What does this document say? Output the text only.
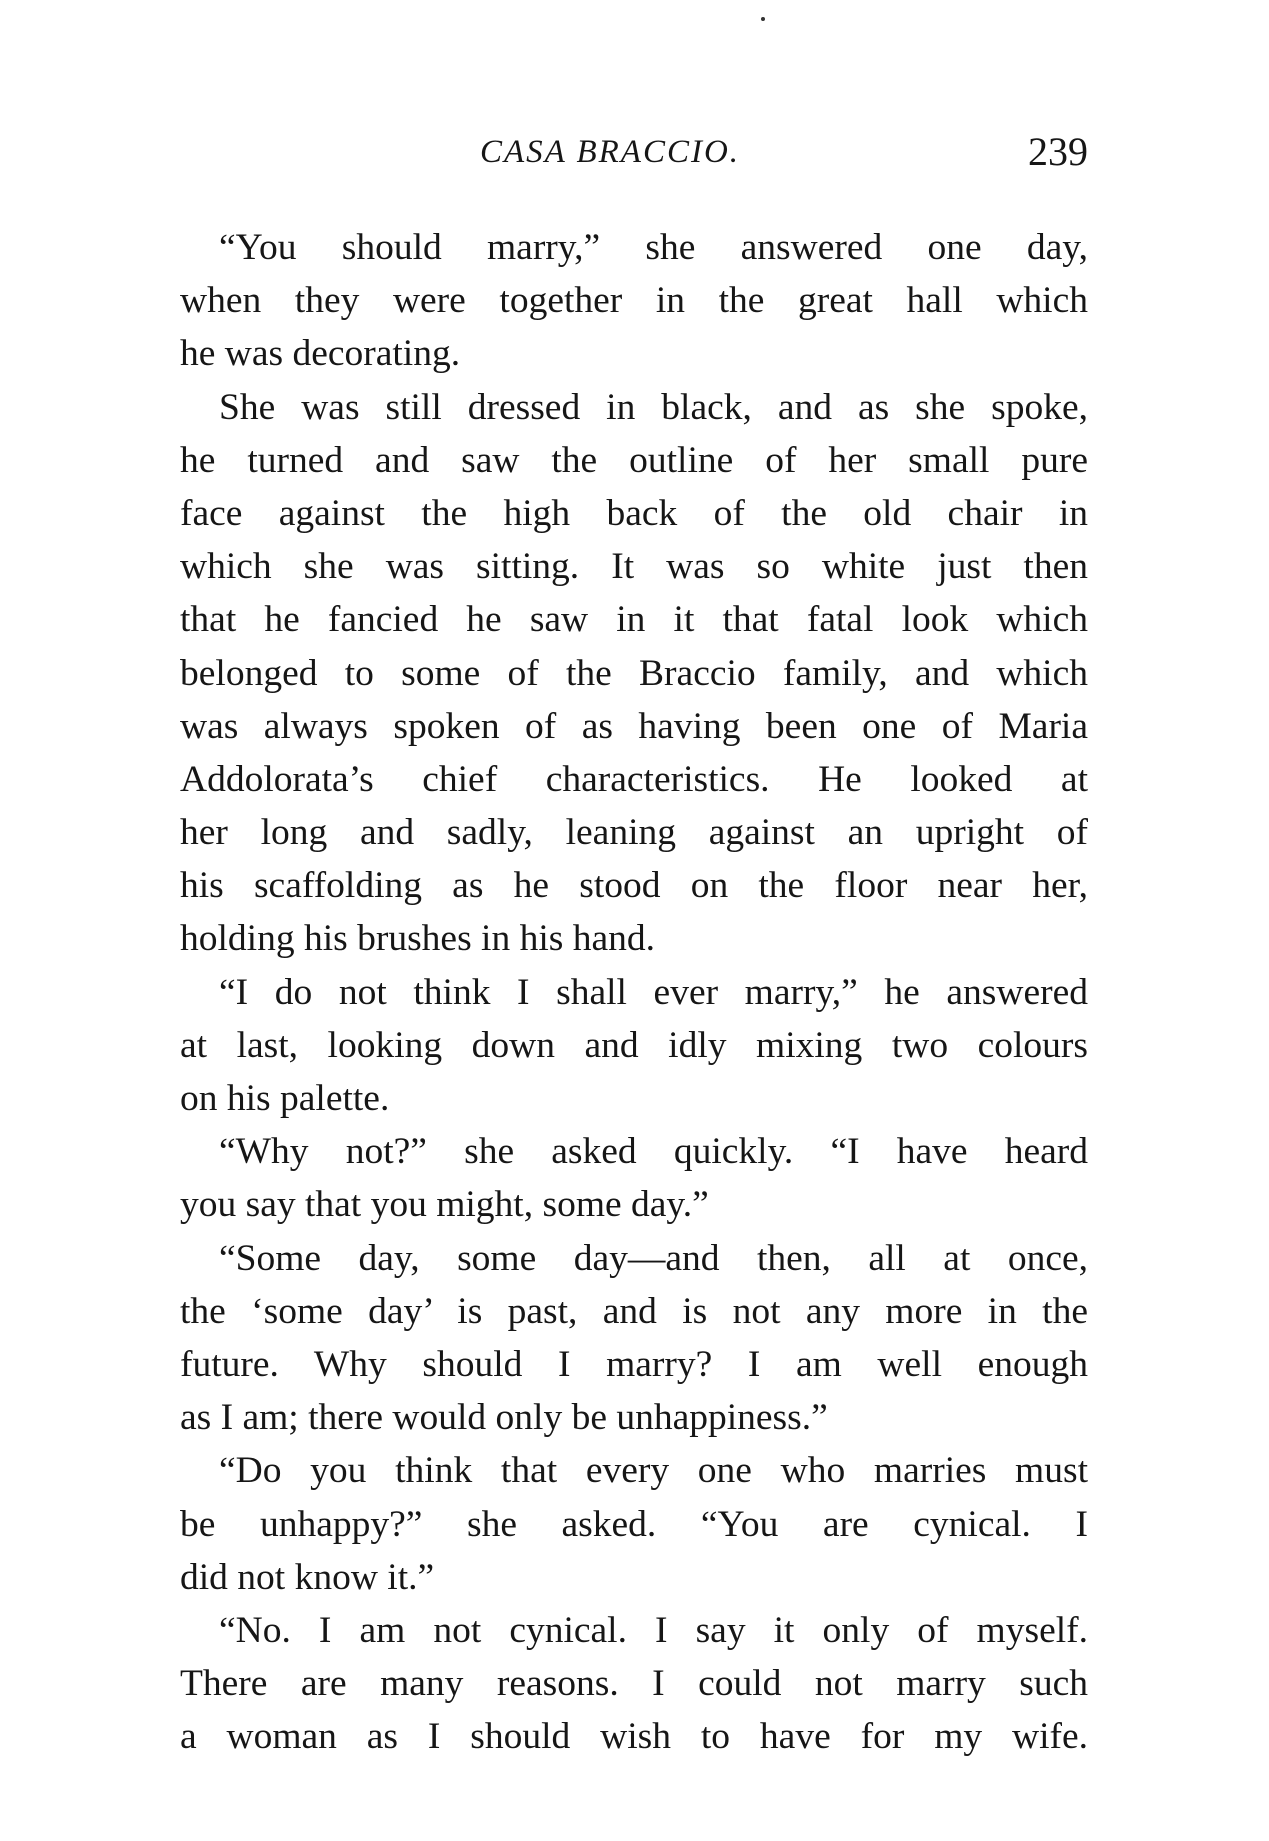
CASA BRACCIO.	239
“You should marry,” she answered one day,
when they were together in the great hall which
he was decorating.
She was still dressed in black, and as she spoke,
he turned and saw the outline of her small pure
face against the high back of the old chair in
which she was sitting. It was so white just then
that he fancied he saw in it that fatal look which
belonged to some of the Braccio family, and which
was always spoken of as having been one of Maria
Addolorata’s chief characteristics. He looked at
her long and sadly, leaning against an upright of
his scaffolding as he stood on the floor near her,
holding his brushes in his hand.
“I do not think I shall ever marry,” he answered
at last, looking down and idly mixing two colours
on his palette.
“Why not?” she asked quickly. “I have heard
you say that you might, some day.”
“Some day, some day—and then, all at once,
the ‘some day’ is past, and is not any more in the
future. Why should I marry? I am well enough
as I am; there would only be unhappiness.”
“Do you think that every one who marries must
be unhappy?” she asked. “You are cynical. I
did not know it.”
“No. I am not cynical. I say it only of myself.
There are many reasons. I could not marry such
a woman as I should wish to have for my wife.
